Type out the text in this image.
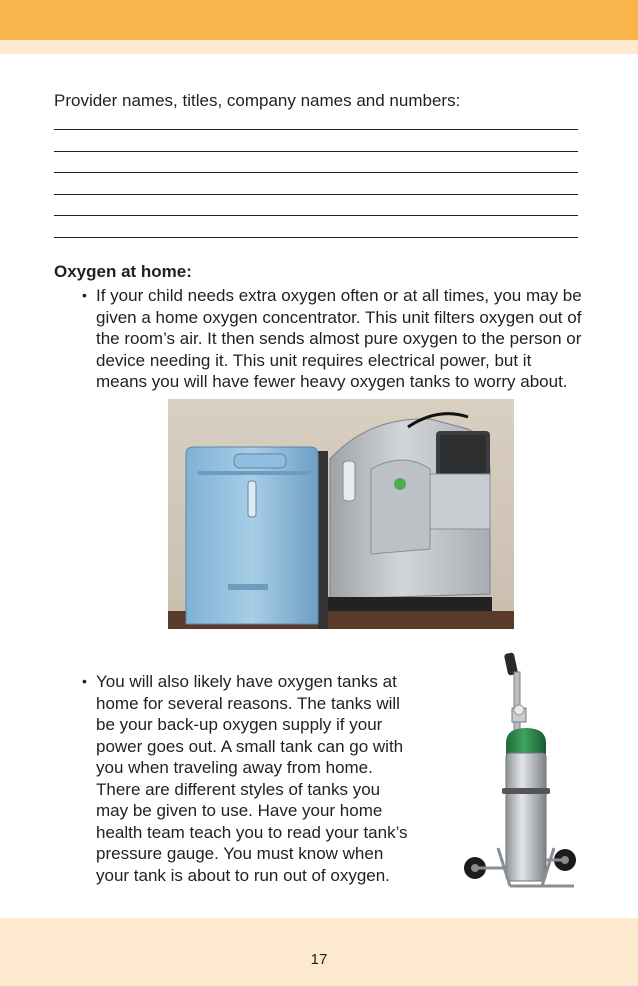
Provider names, titles, company names and numbers:
Oxygen at home:
• If your child needs extra oxygen often or at all times, you may be given a home oxygen concentrator. This unit filters oxygen out of the room’s air. It then sends almost pure oxygen to the person or device needing it. This unit requires electrical power, but it means you will have fewer heavy oxygen tanks to worry about.
• You will also likely have oxygen tanks at home for several reasons. The tanks will be your back-up oxygen supply if your power goes out. A small tank can go with you when traveling away from home. There are different styles of tanks you may be given to use. Have your home health team teach you to read your tank’s pressure gauge. You must know when your tank is about to run out of oxygen.
17
